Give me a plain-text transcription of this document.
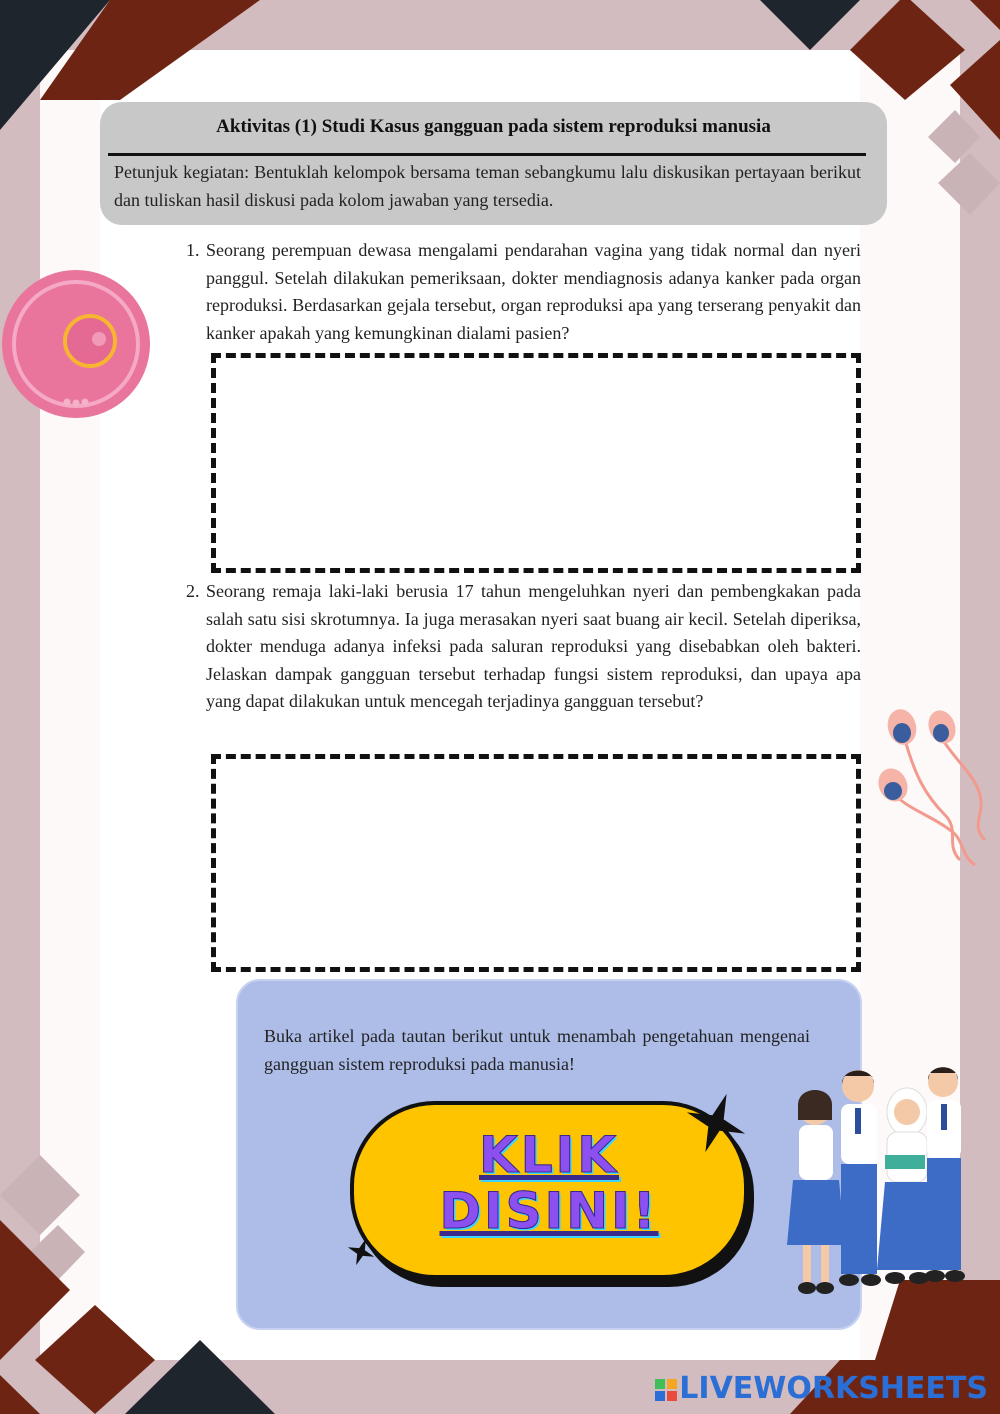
Aktivitas (1) Studi Kasus gangguan pada sistem reproduksi manusia
Petunjuk kegiatan: Bentuklah kelompok bersama teman sebangkumu lalu diskusikan pertayaan berikut dan tuliskan hasil diskusi pada kolom jawaban yang tersedia.
1. Seorang perempuan dewasa mengalami pendarahan vagina yang tidak normal dan nyeri panggul. Setelah dilakukan pemeriksaan, dokter mendiagnosis adanya kanker pada organ reproduksi. Berdasarkan gejala tersebut, organ reproduksi apa yang terserang penyakit dan kanker apakah yang kemungkinan dialami pasien?
2. Seorang remaja laki-laki berusia 17 tahun mengeluhkan nyeri dan pembengkakan pada salah satu sisi skrotumnya. Ia juga merasakan nyeri saat buang air kecil. Setelah diperiksa, dokter menduga adanya infeksi pada saluran reproduksi yang disebabkan oleh bakteri. Jelaskan dampak gangguan tersebut terhadap fungsi sistem reproduksi, dan upaya apa yang dapat dilakukan untuk mencegah terjadinya gangguan tersebut?
Buka artikel pada tautan berikut untuk menambah pengetahuan mengenai gangguan sistem reproduksi pada manusia!
KLIK
DISINI!
LIVEWORKSHEETS
